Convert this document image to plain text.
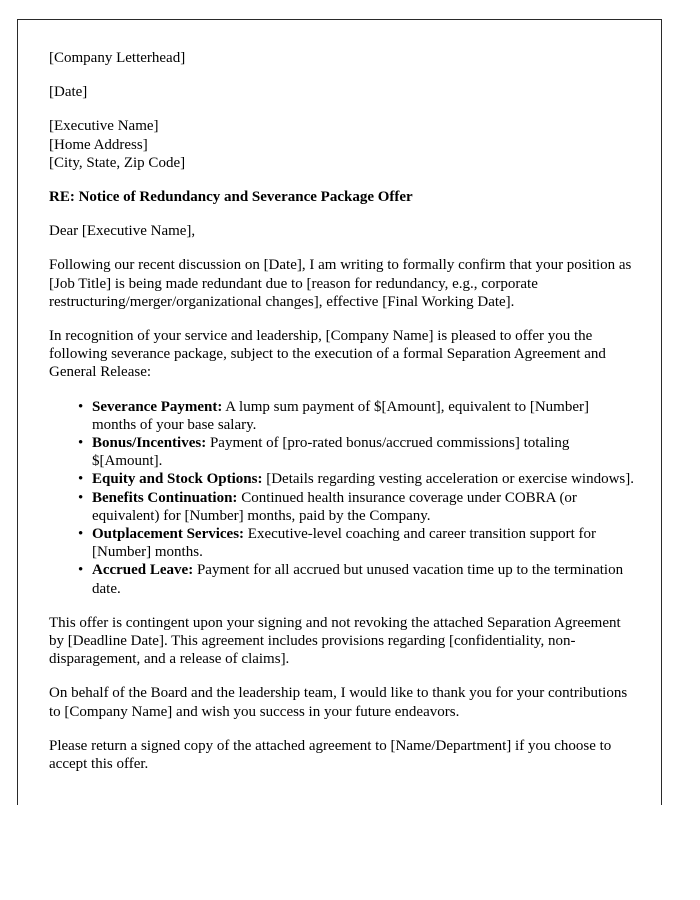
[Company Letterhead]

[Date]

[Executive Name]
[Home Address]
[City, State, Zip Code]

RE: Notice of Redundancy and Severance Package Offer

Dear [Executive Name],

Following our recent discussion on [Date], I am writing to formally confirm that your position as [Job Title] is being made redundant due to [reason for redundancy, e.g., corporate restructuring/merger/organizational changes], effective [Final Working Date].

In recognition of your service and leadership, [Company Name] is pleased to offer you the following severance package, subject to the execution of a formal Separation Agreement and General Release:

• Severance Payment: A lump sum payment of $[Amount], equivalent to [Number] months of your base salary.
• Bonus/Incentives: Payment of [pro-rated bonus/accrued commissions] totaling $[Amount].
• Equity and Stock Options: [Details regarding vesting acceleration or exercise windows].
• Benefits Continuation: Continued health insurance coverage under COBRA (or equivalent) for [Number] months, paid by the Company.
• Outplacement Services: Executive-level coaching and career transition support for [Number] months.
• Accrued Leave: Payment for all accrued but unused vacation time up to the termination date.

This offer is contingent upon your signing and not revoking the attached Separation Agreement by [Deadline Date]. This agreement includes provisions regarding [confidentiality, non-disparagement, and a release of claims].

On behalf of the Board and the leadership team, I would like to thank you for your contributions to [Company Name] and wish you success in your future endeavors.

Please return a signed copy of the attached agreement to [Name/Department] if you choose to accept this offer.
